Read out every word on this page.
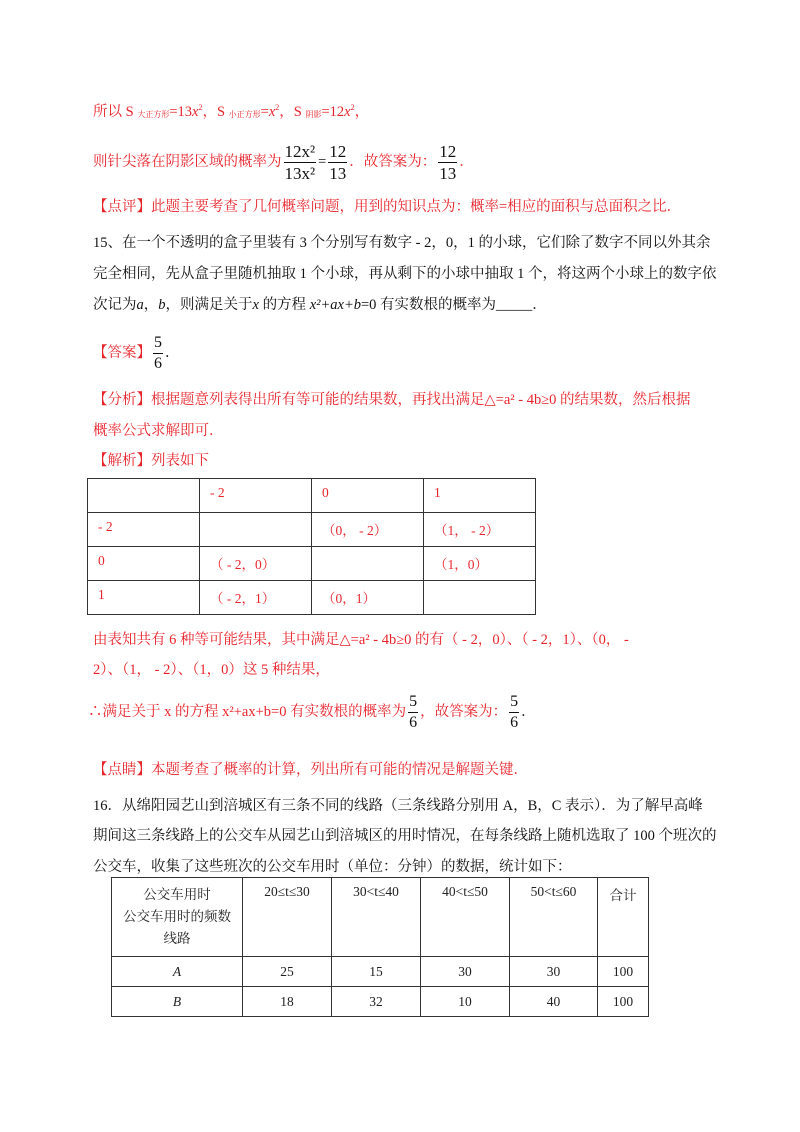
所以 S 大正方形$=13x^2$，S 小正方形$=x^2$，S 阴影$=12x^2$，
则针尖落在阴影区域的概率为 $\frac{\text{12x²}}{\text{13x²}} = \frac{12}{13}$ ．故答案为： $\frac{12}{13}$ ．
【点评】此题主要考查了几何概率问题，用到的知识点为：概率=相应的面积与总面积之比．
15、在一个不透明的盒子里装有 3 个分别写有数字 - 2，0，1 的小球，它们除了数字不同以外其余
完全相同，先从盒子里随机抽取 1 个小球，再从剩下的小球中抽取 1 个，将这两个小球上的数字依
次记为a，b，则满足关于x 的方程 x²+ax+b=0 有实数根的概率为_____．
【答案】 $\frac{5}{6}$ ．
【分析】根据题意列表得出所有等可能的结果数，再找出满足△=a² - 4b≥0 的结果数，然后根据
概率公式求解即可．
【解析】列表如下
	- 2	0	1
- 2		（0， - 2）	（1， - 2）
0	（ - 2，0）		（1，0）
1	（ - 2，1）	（0，1）	
由表知共有 6 种等可能结果，其中满足△=a² - 4b≥0 的有（ - 2，0）、（ - 2，1）、（0， -
2）、（1， - 2）、（1，0）这 5 种结果，
∴满足关于 x 的方程 x²+ax+b=0 有实数根的概率为 $\frac{5}{6}$ ，故答案为： $\frac{5}{6}$ ．
【点睛】本题考查了概率的计算，列出所有可能的情况是解题关键．
16．从绵阳园艺山到涪城区有三条不同的线路（三条线路分别用 A，B，C 表示）．为了解早高峰
期间这三条线路上的公交车从园艺山到涪城区的用时情况，在每条线路上随机选取了 100 个班次的
公交车，收集了这些班次的公交车用时（单位：分钟）的数据，统计如下：
公交车用时
公交车用时的频数
线路	20≤t≤30	30<t≤40	40<t≤50	50<t≤60	合计
A	25	15	30	30	100
B	18	32	10	40	100
